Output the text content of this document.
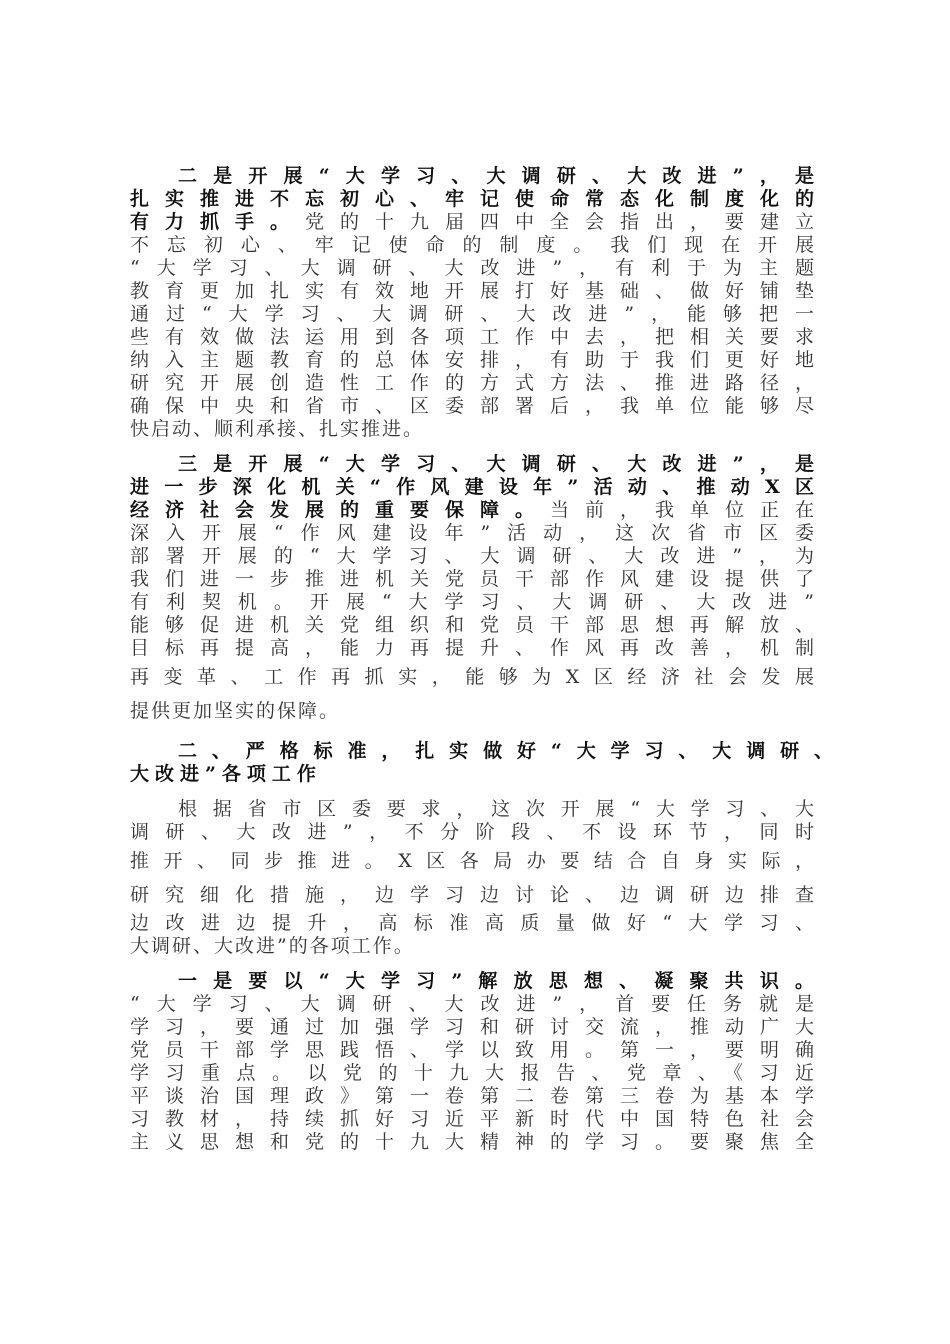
二是开展“大学习、大调研、大改进”，是
扎实推进不忘初心、牢记使命常态化制度化的
有力抓手。党的十九届四中全会指出，要建立
不忘初心、牢记使命的制度。我们现在开展
“大学习、大调研、大改进”，有利于为主题
教育更加扎实有效地开展打好基础、做好铺垫
通过“大学习、大调研、大改进”，能够把一
些有效做法运用到各项工作中去，把相关要求
纳入主题教育的总体安排，有助于我们更好地
研究开展创造性工作的方式方法、推进路径，
确保中央和省市、区委部署后，我单位能够尽
快启动、顺利承接、扎实推进。
三是开展“大学习、大调研、大改进”，是
进一步深化机关“作风建设年”活动、推动X区
经济社会发展的重要保障。当前，我单位正在
深入开展“作风建设年”活动，这次省市区委
部署开展的“大学习、大调研、大改进”，为
我们进一步推进机关党员干部作风建设提供了
有利契机。开展“大学习、大调研、大改进”
能够促进机关党组织和党员干部思想再解放、
目标再提高，能力再提升、作风再改善，机制
再变革、工作再抓实，能够为X区经济社会发展
提供更加坚实的保障。
二、严格标准，扎实做好“大学习、大调研、
大改进”各项工作
根据省市区委要求，这次开展“大学习、大
调研、大改进”，不分阶段、不设环节，同时
推开、同步推进。X区各局办要结合自身实际，
研究细化措施，边学习边讨论、边调研边排查
边改进边提升，高标准高质量做好“大学习、
大调研、大改进”的各项工作。
一是要以“大学习”解放思想、凝聚共识。
“大学习、大调研、大改进”，首要任务就是
学习，要通过加强学习和研讨交流，推动广大
党员干部学思践悟、学以致用。第一，要明确
学习重点。以党的十九大报告、党章、《习近
平谈治国理政》第一卷第二卷第三卷为基本学
习教材，持续抓好习近平新时代中国特色社会
主义思想和党的十九大精神的学习。要聚焦全
